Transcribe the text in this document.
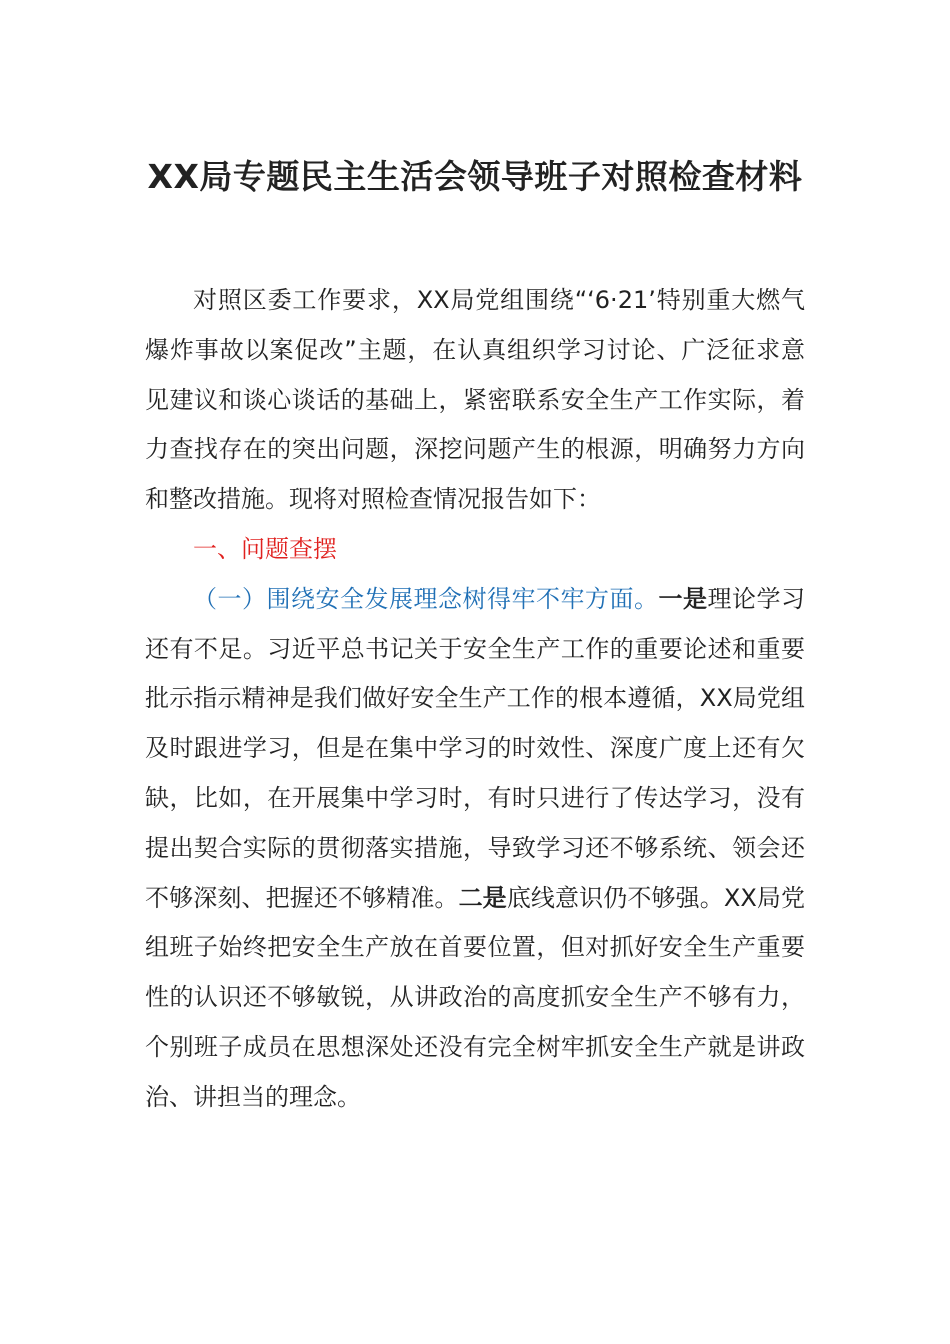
XX局专题民主生活会领导班子对照检查材料

对照区委工作要求，XX局党组围绕“‘6·21’特别重大燃气爆炸事故以案促改”主题，在认真组织学习讨论、广泛征求意见建议和谈心谈话的基础上，紧密联系安全生产工作实际，着力查找存在的突出问题，深挖问题产生的根源，明确努力方向和整改措施。现将对照检查情况报告如下：

一、问题查摆

（一）围绕安全发展理念树得牢不牢方面。一是理论学习还有不足。习近平总书记关于安全生产工作的重要论述和重要批示指示精神是我们做好安全生产工作的根本遵循，XX局党组及时跟进学习，但是在集中学习的时效性、深度广度上还有欠缺，比如，在开展集中学习时，有时只进行了传达学习，没有提出契合实际的贯彻落实措施，导致学习还不够系统、领会还不够深刻、把握还不够精准。二是底线意识仍不够强。XX局党组班子始终把安全生产放在首要位置，但对抓好安全生产重要性的认识还不够敏锐，从讲政治的高度抓安全生产不够有力，个别班子成员在思想深处还没有完全树牢抓安全生产就是讲政治、讲担当的理念。
